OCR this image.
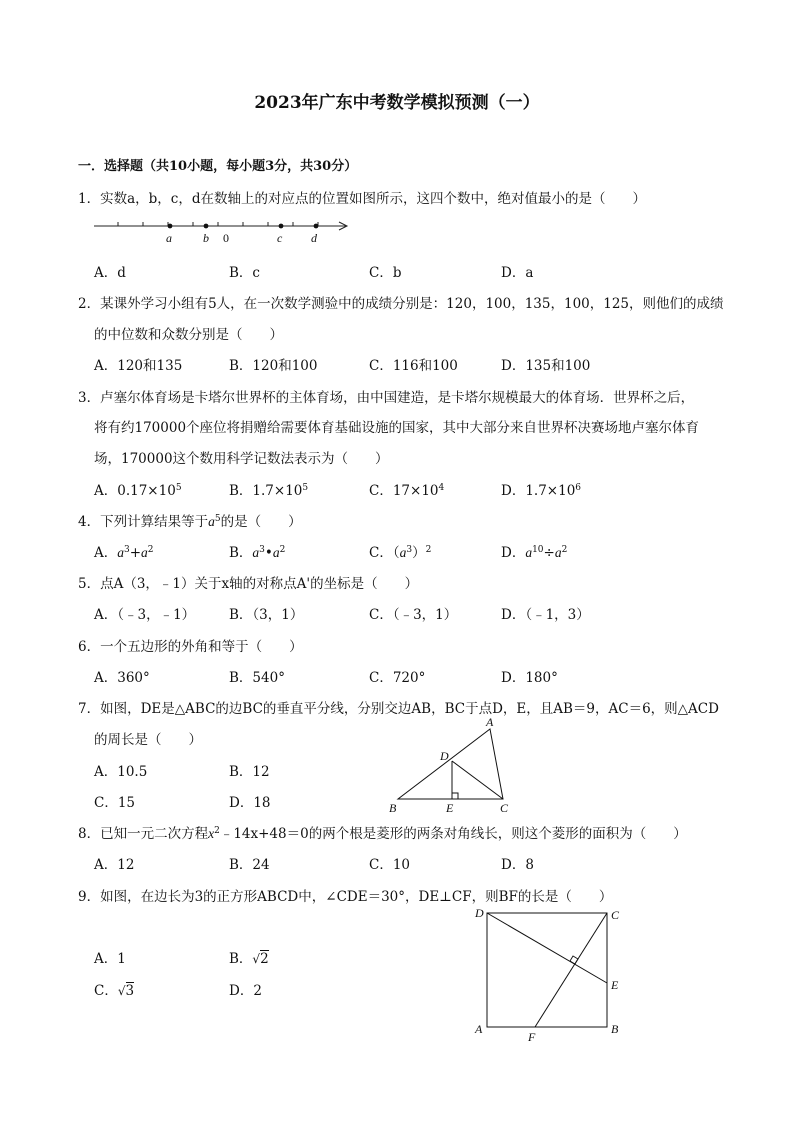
2023年广东中考数学模拟预测（一）
一．选择题（共10小题，每小题3分，共30分）
1．实数a，b，c，d在数轴上的对应点的位置如图所示，这四个数中，绝对值最小的是（　　）
a	b 0	c d
A．d	B．c	C．b	D．a
2．某课外学习小组有5人，在一次数学测验中的成绩分别是：120，100，135，100，125，则他们的成绩
的中位数和众数分别是（　　）
A．120和135	B．120和100	C．116和100	D．135和100
3．卢塞尔体育场是卡塔尔世界杯的主体育场，由中国建造，是卡塔尔规模最大的体育场．世界杯之后，
将有约170000个座位将捐赠给需要体育基础设施的国家，其中大部分来自世界杯决赛场地卢塞尔体育
场，170000这个数用科学记数法表示为（　　）
A．$0.17\times 10^5$	B．$1.7\times 10^5$	C．$17\times 10^4$	D．$1.7\times 10^6$
4．下列计算结果等于$a^5$的是（　　）
A．$a^3+a^2$	B．$a^3•a^2$	C．$(a^3)^2$	D．$a^{10}\div a^2$
5．点A（3，﹣1）关于x轴的对称点A'的坐标是（　　）
A．（﹣3，﹣1）	B．（3，1）	C．（﹣3，1）	D．（﹣1，3）
6．一个五边形的外角和等于（　　）
A．360°	B．540°	C．720°	D．180°
7．如图，DE是△ABC的边BC的垂直平分线，分别交边AB，BC于点D，E，且AB＝9，AC＝6，则△ACD
的周长是（　　）
A．10.5	B．12
C．15	D．18
A
D
B	E	C
8．已知一元二次方程$x^2﹣14x+48=0$的两个根是菱形的两条对角线长，则这个菱形的面积为（　　）
A．12	B．24	C．10	D．8
9．如图，在边长为3的正方形ABCD中，∠CDE＝30°，DE⊥CF，则BF的长是（　　）
A．1	B．√2
C．√3	D．2
D	C
E
A
F
B
